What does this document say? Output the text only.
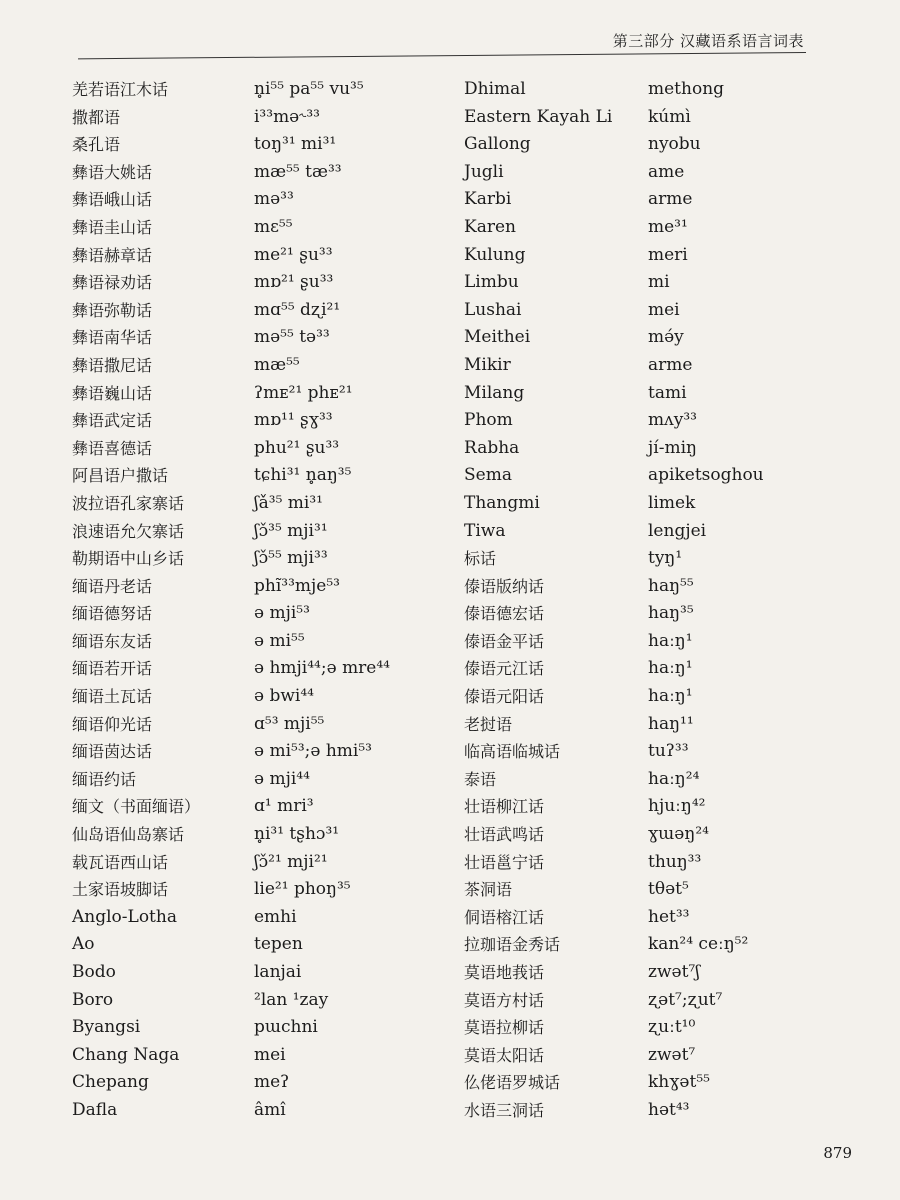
第三部分 汉藏语系语言词表
羌若语江木话
撒都语
桑孔语
彝语大姚话
彝语峨山话
彝语圭山话
彝语赫章话
彝语禄劝话
彝语弥勒话
彝语南华话
彝语撒尼话
彝语巍山话
彝语武定话
彝语喜德话
阿昌语户撒话
波拉语孔家寨话
浪速语允欠寨话
勒期语中山乡话
缅语丹老话
缅语德努话
缅语东友话
缅语若开话
缅语土瓦话
缅语仰光话
缅语茵达话
缅语约话
缅文（书面缅语）
仙岛语仙岛寨话
载瓦语西山话
土家语坡脚话
Anglo-Lotha
Ao
Bodo
Boro
Byangsi
Chang Naga
Chepang
Dafla
n̥i⁵⁵ pa⁵⁵ vu³⁵
i³³mə˞³³
toŋ³¹ mi³¹
mæ⁵⁵ tæ³³
mə³³
mɛ⁵⁵
me²¹ ʂu³³
mɒ²¹ ʂu³³
mɑ⁵⁵ dʐi²¹
mə⁵⁵ tə³³
mæ⁵⁵
ʔmᴇ²¹ phᴇ²¹
mɒ¹¹ ʂɣ³³
phu²¹ ʂu³³
tɕhi³¹ n̥aŋ³⁵
ʃǎ³⁵ mi³¹
ʃɔ̌³⁵ mji³¹
ʃɔ̌⁵⁵ mji³³
phĩ³³mje⁵³
ə mji⁵³
ə mi⁵⁵
ə hmji⁴⁴;ə mre⁴⁴
ə bwi⁴⁴
ɑ⁵³ mji⁵⁵
ə mi⁵³;ə hmi⁵³
ə mji⁴⁴
ɑ¹ mri³
n̥i³¹ tʂhɔ³¹
ʃɔ̌²¹ mji²¹
lie²¹ phoŋ³⁵
emhi
tepen
lanjai
²lan ¹zay
pɯchni
mei
meʔ
âmî
Dhimal
Eastern Kayah Li
Gallong
Jugli
Karbi
Karen
Kulung
Limbu
Lushai
Meithei
Mikir
Milang
Phom
Rabha
Sema
Thangmi
Tiwa
标话
傣语版纳话
傣语德宏话
傣语金平话
傣语元江话
傣语元阳话
老挝语
临高语临城话
泰语
壮语柳江话
壮语武鸣话
壮语邕宁话
茶洞语
侗语榕江话
拉珈语金秀话
莫语地莪话
莫语方村话
莫语拉柳话
莫语太阳话
仫佬语罗城话
水语三洞话
methong
kúmì
nyobu
ame
arme
me³¹
meri
mi
mei
mə́y
arme
tami
mʌy³³
jí-miŋ
apiketsoghou
limek
lengjei
tyŋ¹
haŋ⁵⁵
haŋ³⁵
haːŋ¹
haːŋ¹
haːŋ¹
haŋ¹¹
tuʔ³³
haːŋ²⁴
hjuːŋ⁴²
ɣɯəŋ²⁴
thuŋ³³
tθət⁵
het³³
kan²⁴ ceːŋ⁵²
zwət⁷ʃ
ʐət⁷;ʐut⁷
ʐuːt¹⁰
zwət⁷
khɣət⁵⁵
hət⁴³
879
